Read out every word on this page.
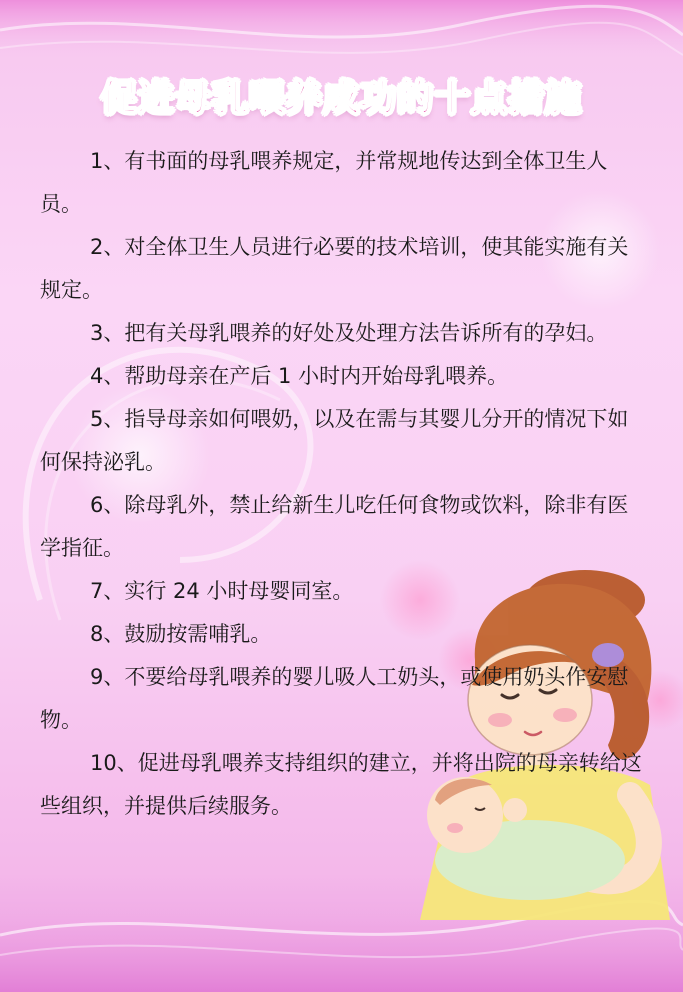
促进母乳喂养成功的十点措施

1、有书面的母乳喂养规定，并常规地传达到全体卫生人员。

2、对全体卫生人员进行必要的技术培训，使其能实施有关规定。

3、把有关母乳喂养的好处及处理方法告诉所有的孕妇。

4、帮助母亲在产后 1 小时内开始母乳喂养。

5、指导母亲如何喂奶，以及在需与其婴儿分开的情况下如何保持泌乳。

6、除母乳外，禁止给新生儿吃任何食物或饮料，除非有医学指征。

7、实行 24 小时母婴同室。

8、鼓励按需哺乳。

9、不要给母乳喂养的婴儿吸人工奶头，或使用奶头作安慰物。

10、促进母乳喂养支持组织的建立，并将出院的母亲转给这些组织，并提供后续服务。
